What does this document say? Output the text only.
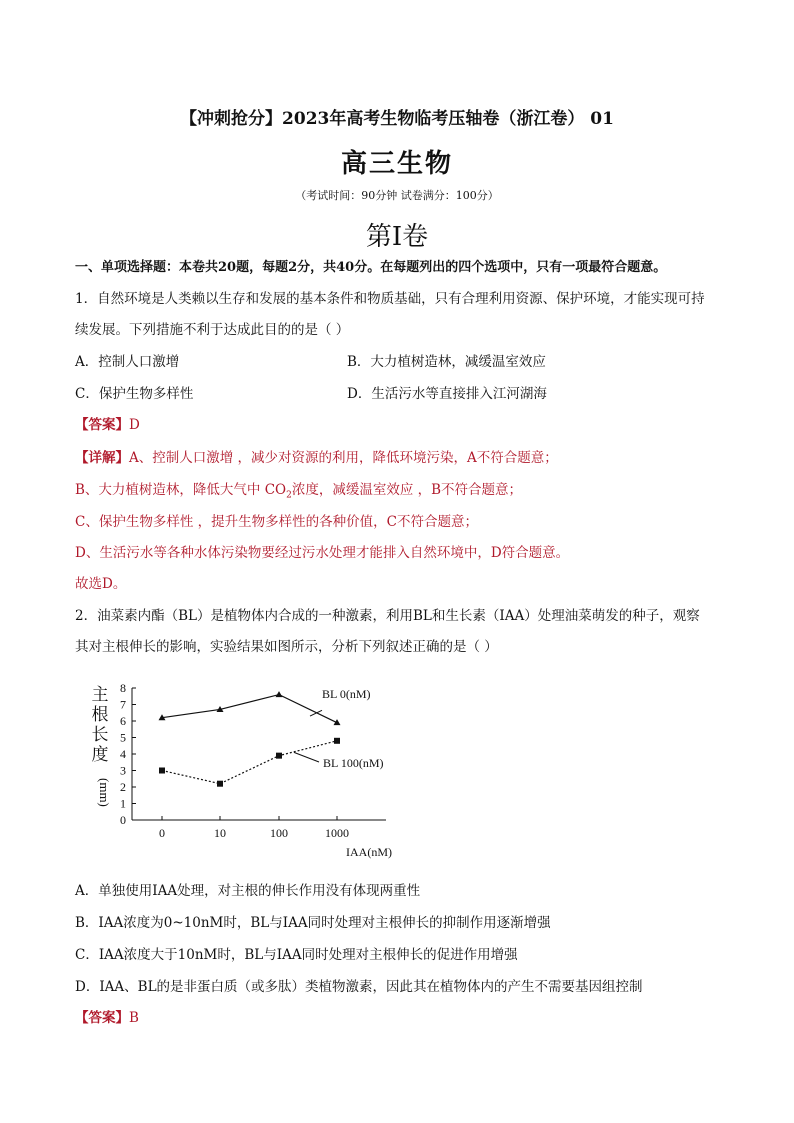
【冲刺抢分】2023年高考生物临考压轴卷（浙江卷） 01
高三生物
（考试时间：90分钟 试卷满分：100分）
第Ⅰ卷
一、单项选择题：本卷共20题，每题2分，共40分。在每题列出的四个选项中，只有一项最符合题意。
1．自然环境是人类赖以生存和发展的基本条件和物质基础，只有合理利用资源、保护环境，才能实现可持
续发展。下列措施不利于达成此目的的是（ ）
A．控制人口激增	B．大力植树造林，减缓温室效应
C．保护生物多样性	D．生活污水等直接排入江河湖海
【答案】D
【详解】A、控制人口激增 ，减少对资源的利用，降低环境污染，A不符合题意；
B、大力植树造林，降低大气中 $CO_2$浓度，减缓温室效应 ，B不符合题意；
C、保护生物多样性 ，提升生物多样性的各种价值，C不符合题意；
D、生活污水等各种水体污染物要经过污水处理才能排入自然环境中，D符合题意。
故选D。
2．油菜素内酯（BL）是植物体内合成的一种激素，利用BL和生长素（IAA）处理油菜萌发的种子，观察
其对主根伸长的影响，实验结果如图所示，分析下列叙述正确的是（ ）
0
1
2
3
4
5
6
7
8
0	10	100	1000
IAA(nM)
主
根
长
度
(mm)
BL 0(nM)
BL 100(nM)
A．单独使用IAA处理，对主根的伸长作用没有体现两重性
B．IAA浓度为0~10nM时，BL与IAA同时处理对主根伸长的抑制作用逐渐增强
C．IAA浓度大于10nM时，BL与IAA同时处理对主根伸长的促进作用增强
D．IAA、BL的是非蛋白质（或多肽）类植物激素，因此其在植物体内的产生不需要基因组控制
【答案】B
